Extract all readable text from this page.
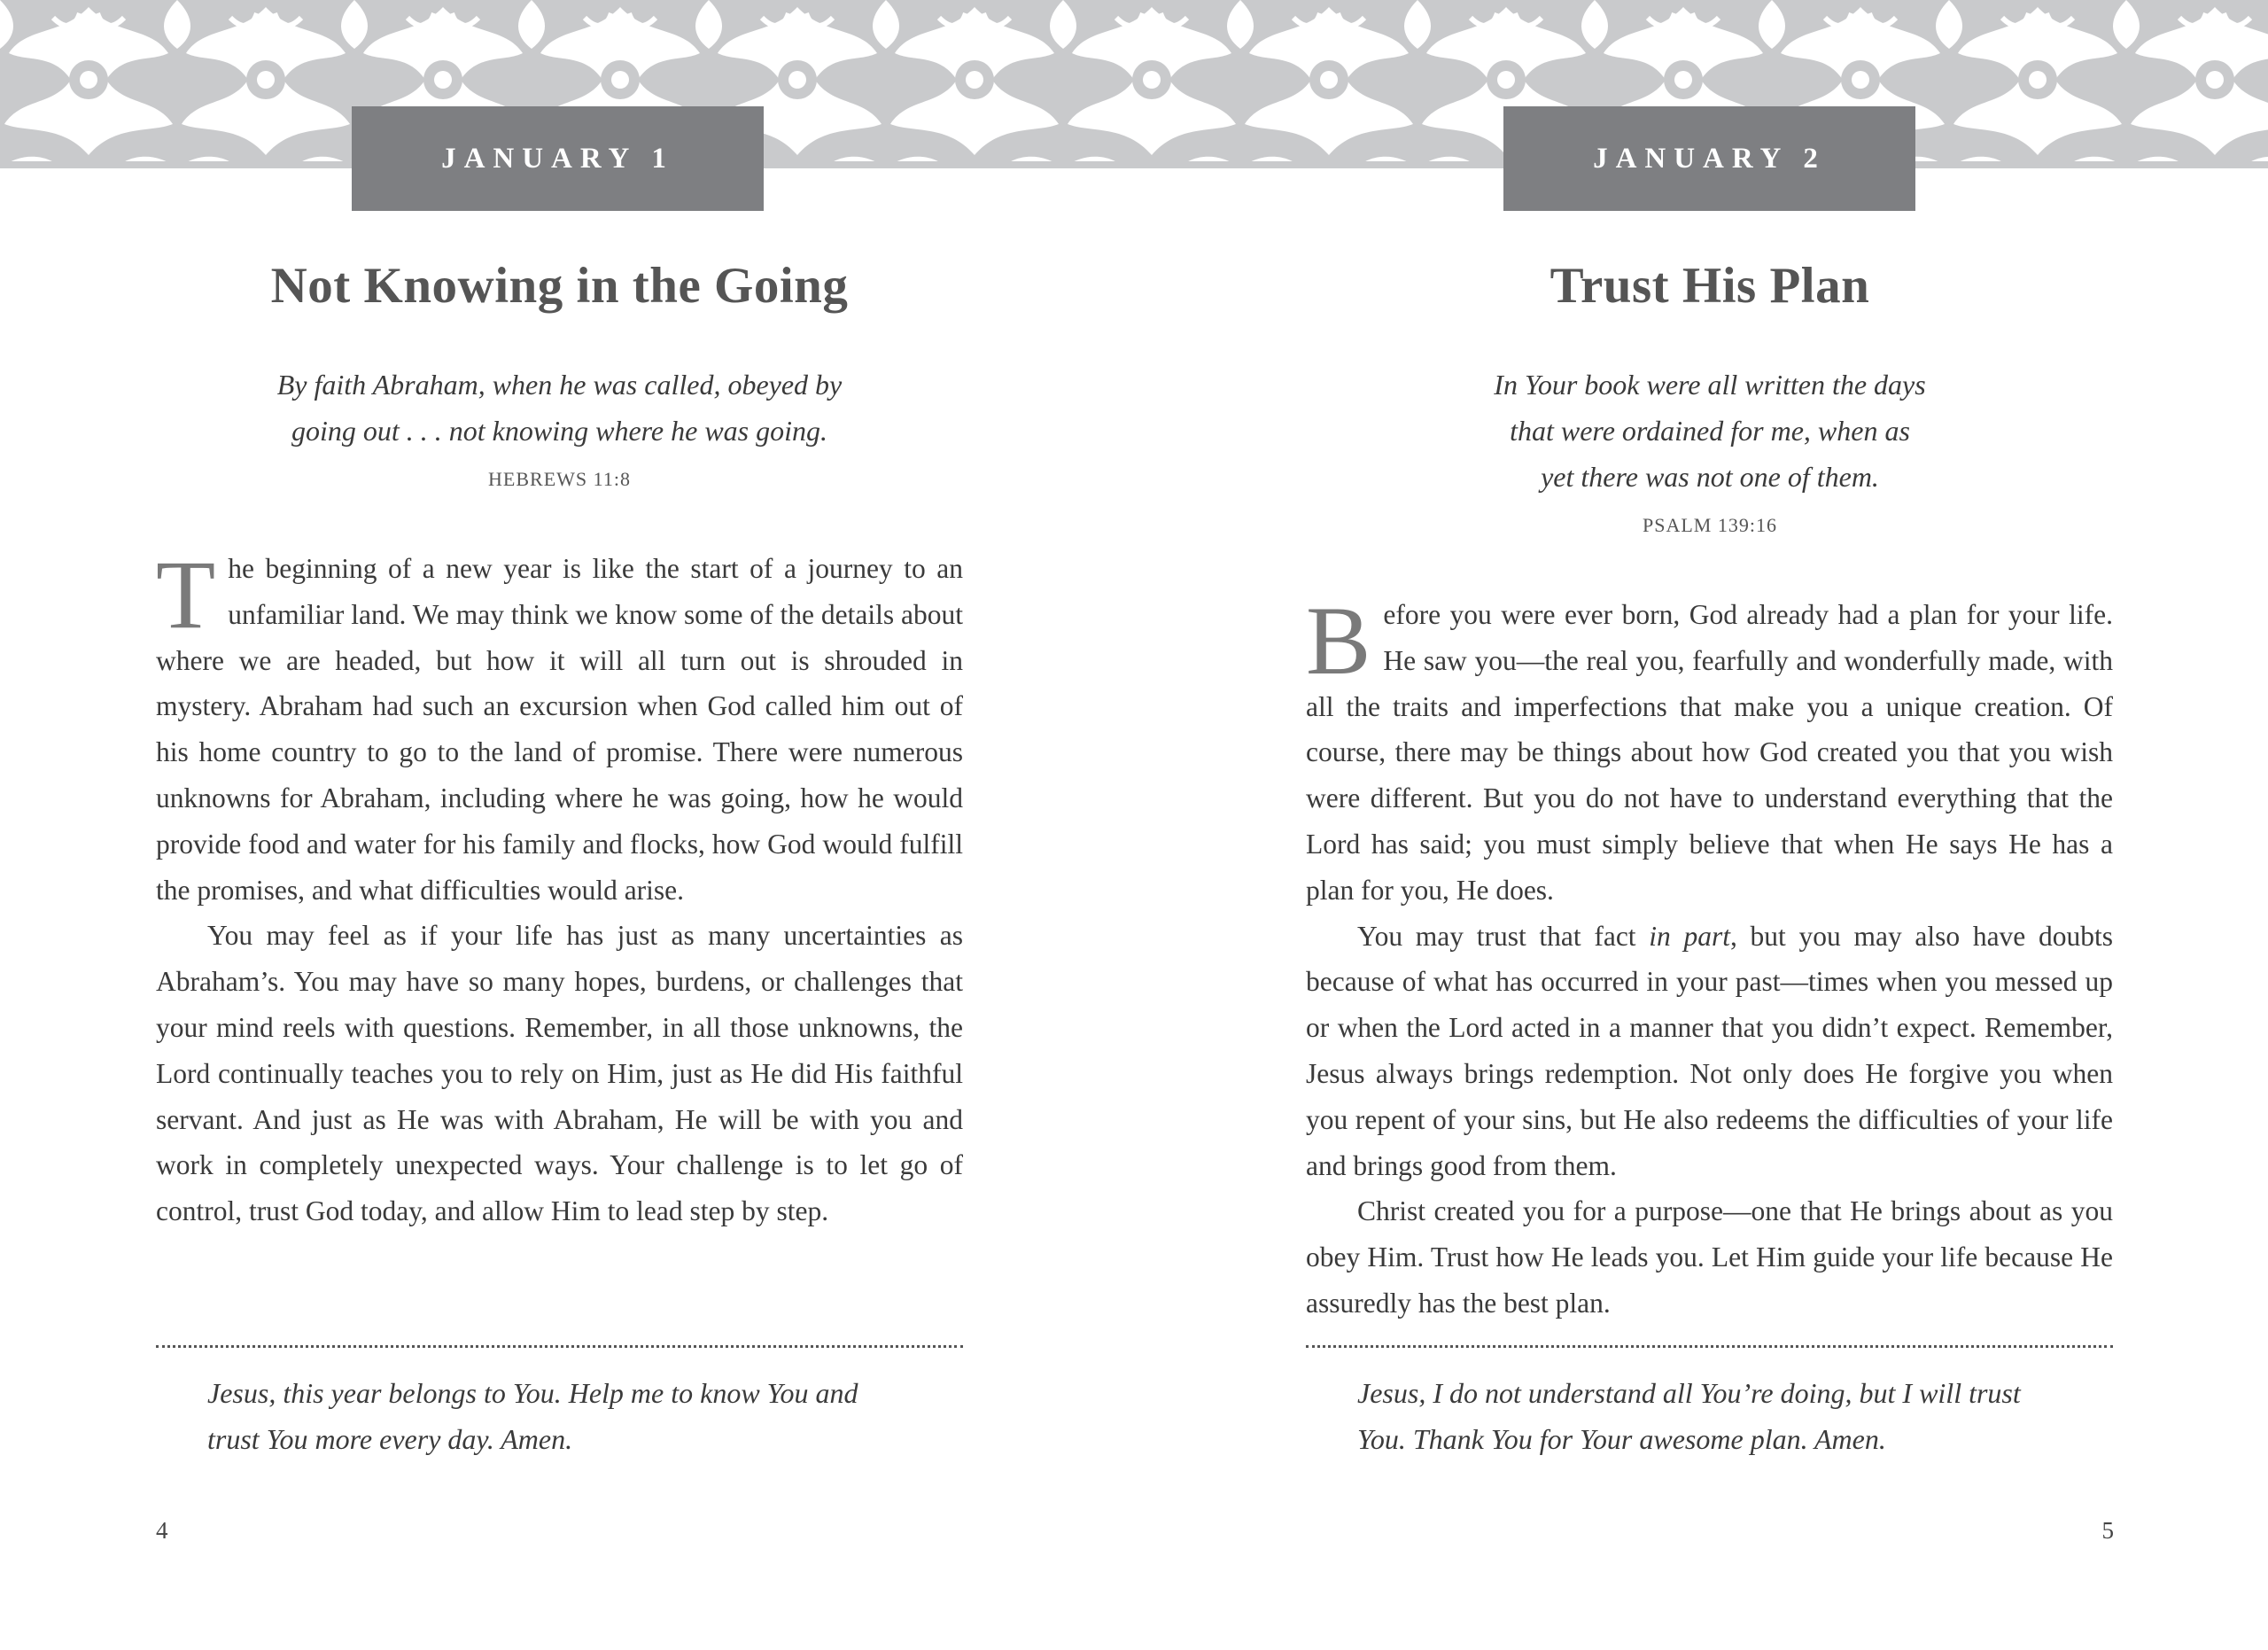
JANUARY 1
Not Knowing in the Going
By faith Abraham, when he was called, obeyed by
going out . . . not knowing where he was going.
HEBREWS 11:8

The beginning of a new year is like the start of a journey to an unfamiliar land. We may think we know some of the details about where we are headed, but how it will all turn out is shrouded in mystery. Abraham had such an excursion when God called him out of his home country to go to the land of promise. There were numerous unknowns for Abraham, including where he was going, how he would provide food and water for his family and flocks, how God would fulfill the promises, and what difficulties would arise.

You may feel as if your life has just as many uncertainties as Abraham’s. You may have so many hopes, burdens, or challenges that your mind reels with questions. Remember, in all those unknowns, the Lord continually teaches you to rely on Him, just as He did His faithful servant. And just as He was with Abraham, He will be with you and work in completely unexpected ways. Your challenge is to let go of control, trust God today, and allow Him to lead step by step.

Jesus, this year belongs to You. Help me to know You and
trust You more every day. Amen.
4
JANUARY 2
Trust His Plan
In Your book were all written the days
that were ordained for me, when as
yet there was not one of them.
PSALM 139:16

Before you were ever born, God already had a plan for your life. He saw you—the real you, fearfully and wonderfully made, with all the traits and imperfections that make you a unique creation. Of course, there may be things about how God created you that you wish were different. But you do not have to understand everything that the Lord has said; you must simply believe that when He says He has a plan for you, He does.

You may trust that fact in part, but you may also have doubts because of what has occurred in your past—times when you messed up or when the Lord acted in a manner that you didn’t expect. Remember, Jesus always brings redemption. Not only does He forgive you when you repent of your sins, but He also redeems the difficulties of your life and brings good from them.

Christ created you for a purpose—one that He brings about as you obey Him. Trust how He leads you. Let Him guide your life because He assuredly has the best plan.

Jesus, I do not understand all You’re doing, but I will trust
You. Thank You for Your awesome plan. Amen.
5
